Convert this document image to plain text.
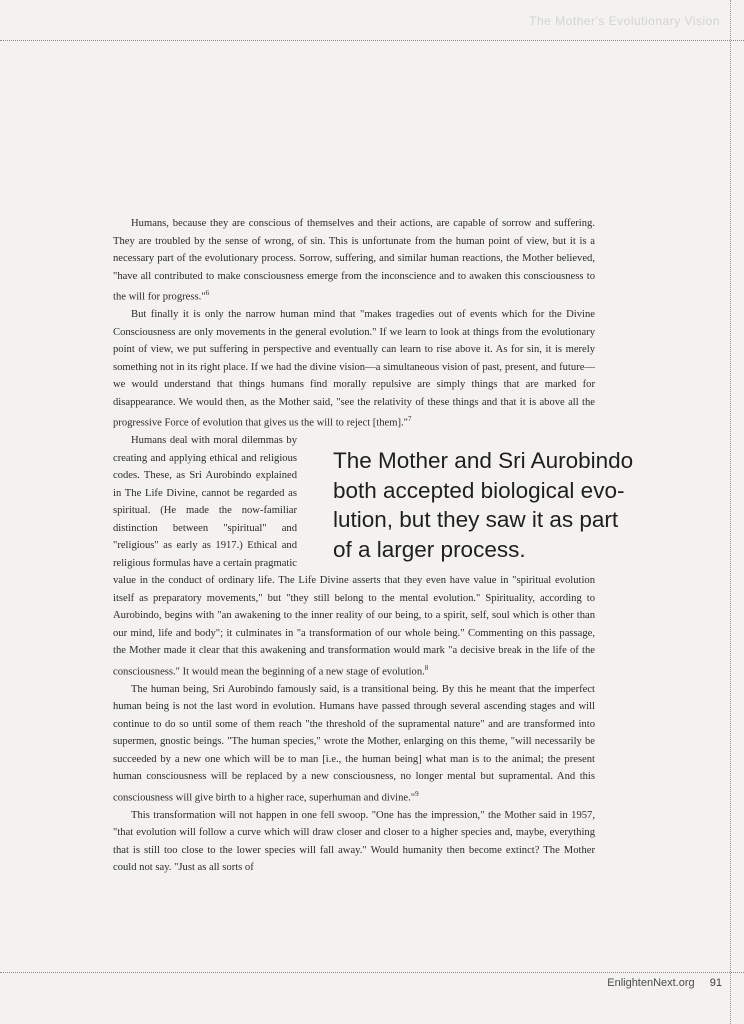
The Mother's Evolutionary Vision

Humans, because they are conscious of themselves and their actions, are capable of sorrow and suffering. They are troubled by the sense of wrong, of sin. This is unfortunate from the human point of view, but it is a necessary part of the evolutionary process. Sorrow, suffering, and similar human reactions, the Mother believed, "have all contributed to make consciousness emerge from the inconscience and to awaken this consciousness to the will for progress."$^6$

But finally it is only the narrow human mind that "makes tragedies out of events which for the Divine Consciousness are only movements in the general evolution." If we learn to look at things from the evolutionary point of view, we put suffering in perspective and eventually can learn to rise above it. As for sin, it is merely something not in its right place. If we had the divine vision—a simultaneous vision of past, present, and future—we would understand that things humans find morally repulsive are simply things that are marked for disappearance. We would then, as the Mother said, "see the relativity of these things and that it is above all the progressive Force of evolution that gives us the will to reject [them]."$^7$

Humans deal with moral dilemmas by creating and applying ethical and religious codes. These, as Sri Aurobindo explained in The Life Divine, cannot be regarded as spiritual. (He made the now-familiar distinction between "spiritual" and "religious" as early as 1917.) Ethical and religious formulas have a certain pragmatic value in the conduct of ordinary life. The Life Divine asserts that they even have value in "spiritual evolution itself as preparatory movements," but "they still belong to the mental evolution." Spirituality, according to Aurobindo, begins with "an awakening to the inner reality of our being, to a spirit, self, soul which is other than our mind, life and body"; it culminates in "a transformation of our whole being." Commenting on this passage, the Mother made it clear that this awakening and transformation would mark "a decisive break in the life of the consciousness." It would mean the beginning of a new stage of evolution.$^8$

The human being, Sri Aurobindo famously said, is a transitional being. By this he meant that the imperfect human being is not the last word in evolution. Humans have passed through several ascending stages and will continue to do so until some of them reach "the threshold of the supramental nature" and are transformed into supermen, gnostic beings. "The human species," wrote the Mother, enlarging on this theme, "will necessarily be succeeded by a new one which will be to man [i.e., the human being] what man is to the animal; the present human consciousness will be replaced by a new consciousness, no longer mental but supramental. And this consciousness will give birth to a higher race, superhuman and divine."$^9$

This transformation will not happen in one fell swoop. "One has the impression," the Mother said in 1957, "that evolution will follow a curve which will draw closer and closer to a higher species and, maybe, everything that is still too close to the lower species will fall away." Would humanity then become extinct? The Mother could not say. "Just as all sorts of

The Mother and Sri Aurobindo
both accepted biological evo-
lution, but they saw it as part
of a larger process.
EnlightenNext.org 91
